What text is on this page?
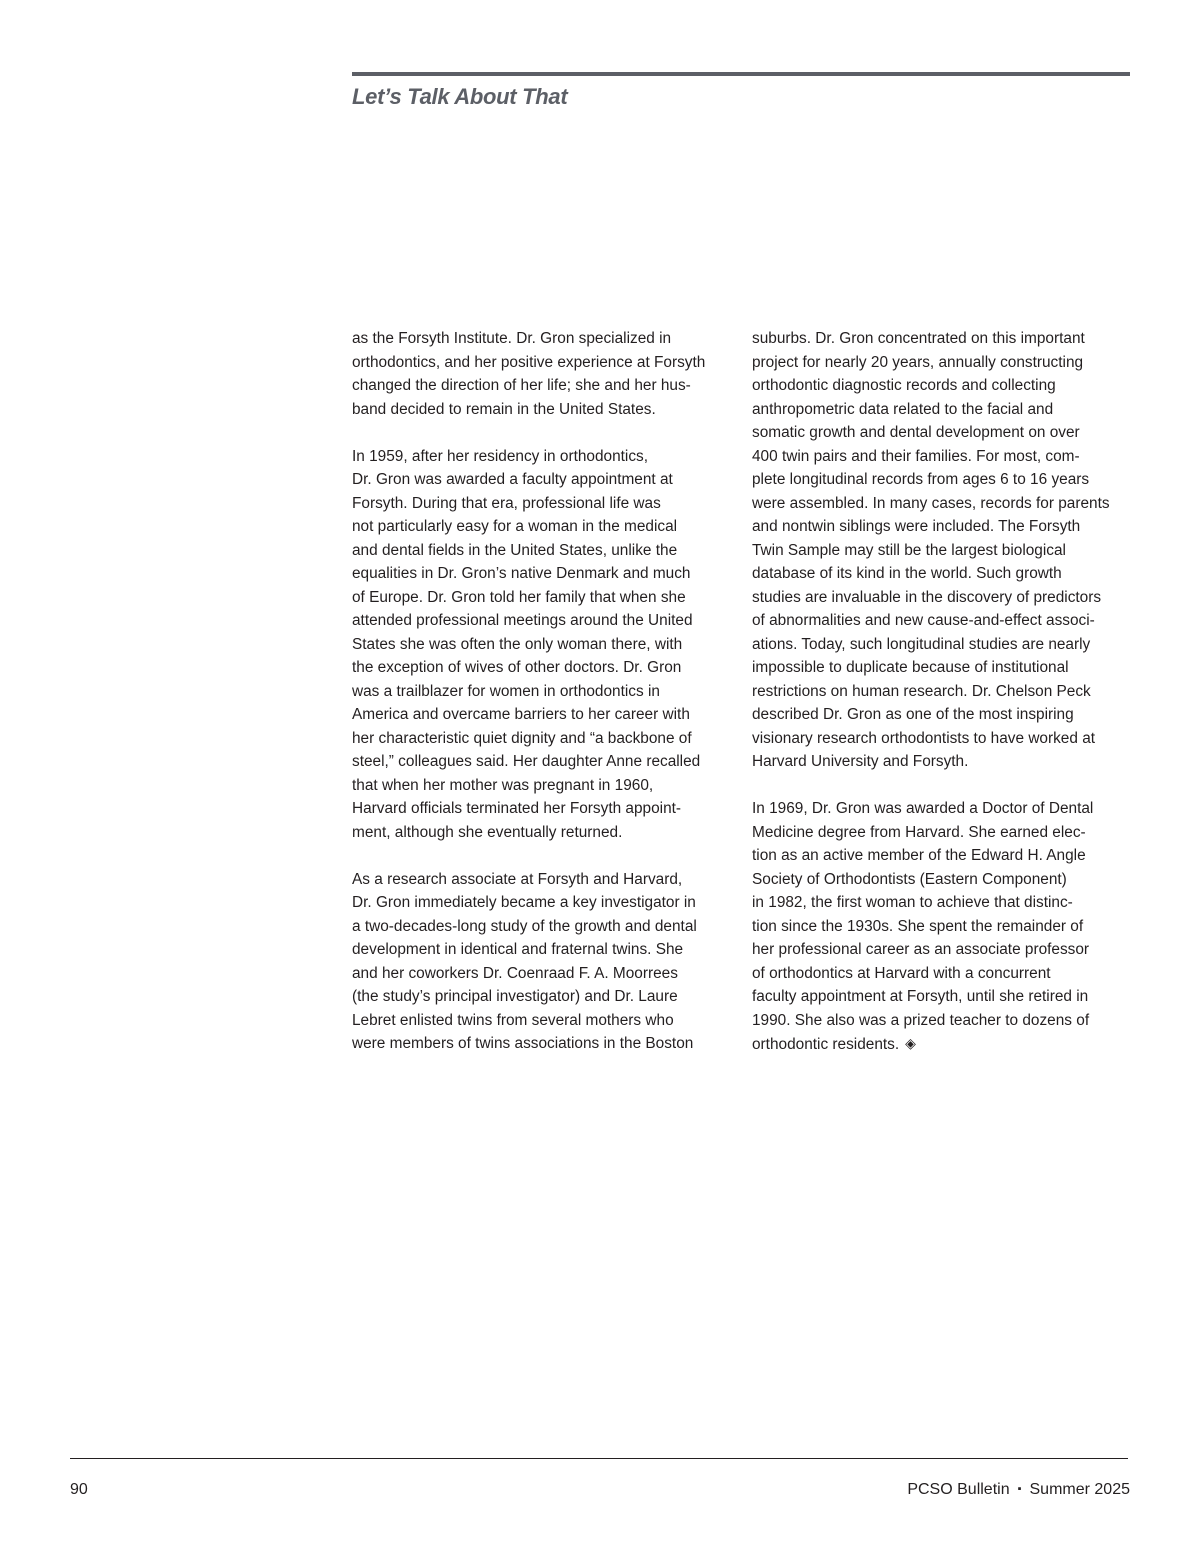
Let’s Talk About That

as the Forsyth Institute. Dr. Gron specialized in
orthodontics, and her positive experience at Forsyth
changed the direction of her life; she and her hus-
band decided to remain in the United States.

In 1959, after her residency in orthodontics,
Dr. Gron was awarded a faculty appointment at
Forsyth. During that era, professional life was
not particularly easy for a woman in the medical
and dental fields in the United States, unlike the
equalities in Dr. Gron’s native Denmark and much
of Europe. Dr. Gron told her family that when she
attended professional meetings around the United
States she was often the only woman there, with
the exception of wives of other doctors. Dr. Gron
was a trailblazer for women in orthodontics in
America and overcame barriers to her career with
her characteristic quiet dignity and “a backbone of
steel,” colleagues said. Her daughter Anne recalled
that when her mother was pregnant in 1960,
Harvard officials terminated her Forsyth appoint-
ment, although she eventually returned.

As a research associate at Forsyth and Harvard,
Dr. Gron immediately became a key investigator in
a two-decades-long study of the growth and dental
development in identical and fraternal twins. She
and her coworkers Dr. Coenraad F. A. Moorrees
(the study’s principal investigator) and Dr. Laure
Lebret enlisted twins from several mothers who
were members of twins associations in the Boston

suburbs. Dr. Gron concentrated on this important
project for nearly 20 years, annually constructing
orthodontic diagnostic records and collecting
anthropometric data related to the facial and
somatic growth and dental development on over
400 twin pairs and their families. For most, com-
plete longitudinal records from ages 6 to 16 years
were assembled. In many cases, records for parents
and nontwin siblings were included. The Forsyth
Twin Sample may still be the largest biological
database of its kind in the world. Such growth
studies are invaluable in the discovery of predictors
of abnormalities and new cause-and-effect associ-
ations. Today, such longitudinal studies are nearly
impossible to duplicate because of institutional
restrictions on human research. Dr. Chelson Peck
described Dr. Gron as one of the most inspiring
visionary research orthodontists to have worked at
Harvard University and Forsyth.

In 1969, Dr. Gron was awarded a Doctor of Dental
Medicine degree from Harvard. She earned elec-
tion as an active member of the Edward H. Angle
Society of Orthodontists (Eastern Component)
in 1982, the first woman to achieve that distinc-
tion since the 1930s. She spent the remainder of
her professional career as an associate professor
of orthodontics at Harvard with a concurrent
faculty appointment at Forsyth, until she retired in
1990. She also was a prized teacher to dozens of
orthodontic residents. ◈

90	PCSO Bulletin ▪ Summer 2025
